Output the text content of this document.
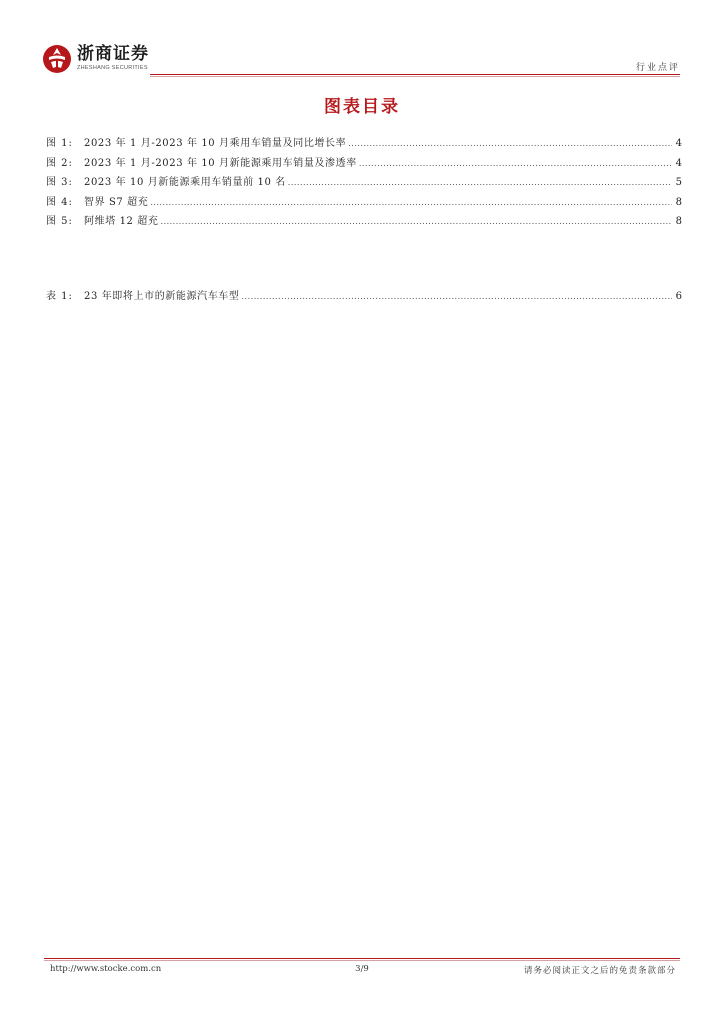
浙商证券
ZHESHANG SECURITIES	行业点评
图表目录
图 1:	2023 年 1 月-2023 年 10 月乘用车销量及同比增长率 .....	4
图 2:	2023 年 1 月-2023 年 10 月新能源乘用车销量及渗透率 .....	4
图 3:	2023 年 10 月新能源乘用车销量前 10 名 .....	5
图 4:	智界 S7 超充 .....	8
图 5:	阿维塔 12 超充 .....	8
表 1:	23 年即将上市的新能源汽车车型 .....	6
http://www.stocke.com.cn	3/9	请务必阅读正文之后的免责条款部分
